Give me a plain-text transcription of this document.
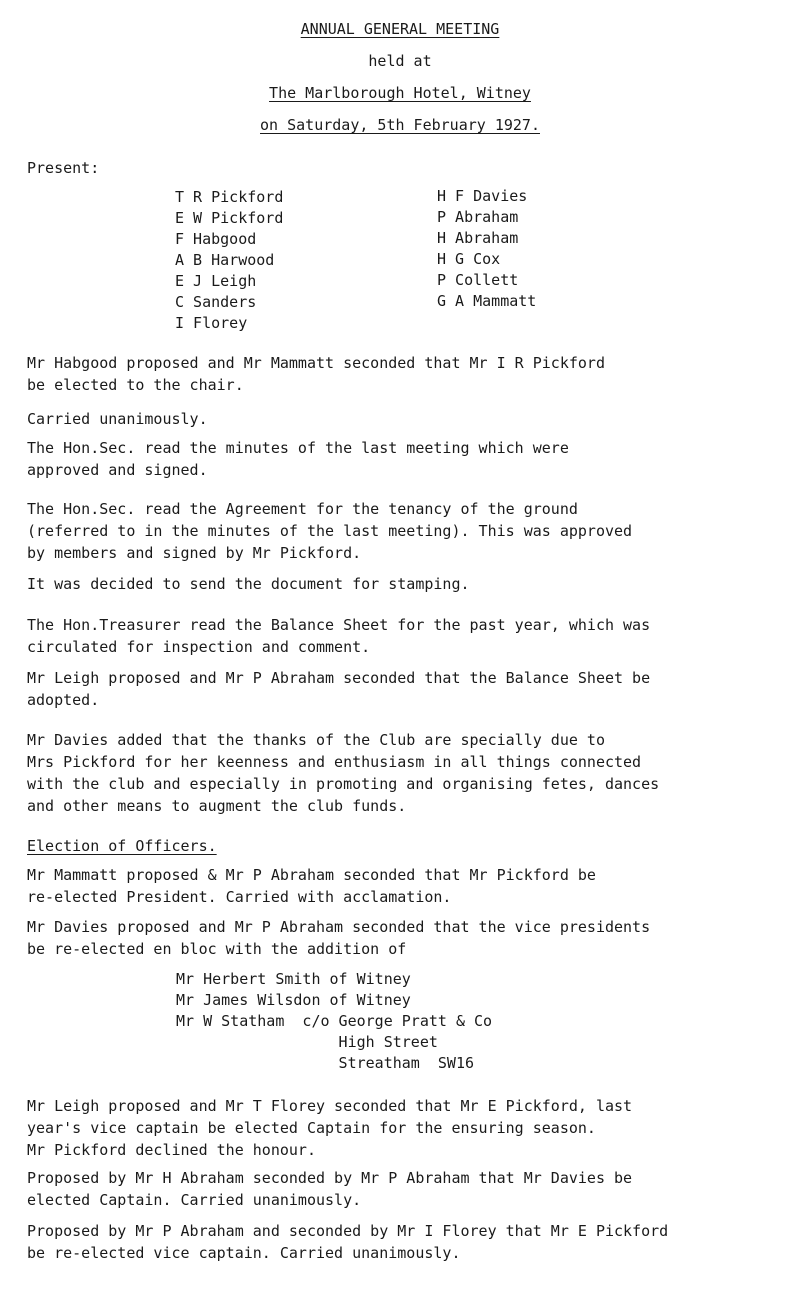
ANNUAL GENERAL MEETING
held at
The Marlborough Hotel, Witney
on Saturday, 5th February 1927.
Present:
T R Pickford
E W Pickford
F Habgood
A B Harwood
E J Leigh
C Sanders
I Florey
H F Davies
P Abraham
H Abraham
H G Cox
P Collett
G A Mammatt
Mr Habgood proposed and Mr Mammatt seconded that Mr I R Pickford
be elected to the chair.
Carried unanimously.
The Hon.Sec. read the minutes of the last meeting which were
approved and signed.
The Hon.Sec. read the Agreement for the tenancy of the ground
(referred to in the minutes of the last meeting). This was approved
by members and signed by Mr Pickford.
It was decided to send the document for stamping.
The Hon.Treasurer read the Balance Sheet for the past year, which was
circulated for inspection and comment.
Mr Leigh proposed and Mr P Abraham seconded that the Balance Sheet be
adopted.
Mr Davies added that the thanks of the Club are specially due to
Mrs Pickford for her keenness and enthusiasm in all things connected
with the club and especially in promoting and organising fetes, dances
and other means to augment the club funds.
Election of Officers.
Mr Mammatt proposed & Mr P Abraham seconded that Mr Pickford be
re-elected President. Carried with acclamation.
Mr Davies proposed and Mr P Abraham seconded that the vice presidents
be re-elected en bloc with the addition of
Mr Herbert Smith of Witney
Mr James Wilsdon of Witney
Mr W Statham  c/o George Pratt & Co
High Street
Streatham  SW16
Mr Leigh proposed and Mr T Florey seconded that Mr E Pickford, last
year's vice captain be elected Captain for the ensuring season.
Mr Pickford declined the honour.
Proposed by Mr H Abraham seconded by Mr P Abraham that Mr Davies be
elected Captain. Carried unanimously.
Proposed by Mr P Abraham and seconded by Mr I Florey that Mr E Pickford
be re-elected vice captain. Carried unanimously.
